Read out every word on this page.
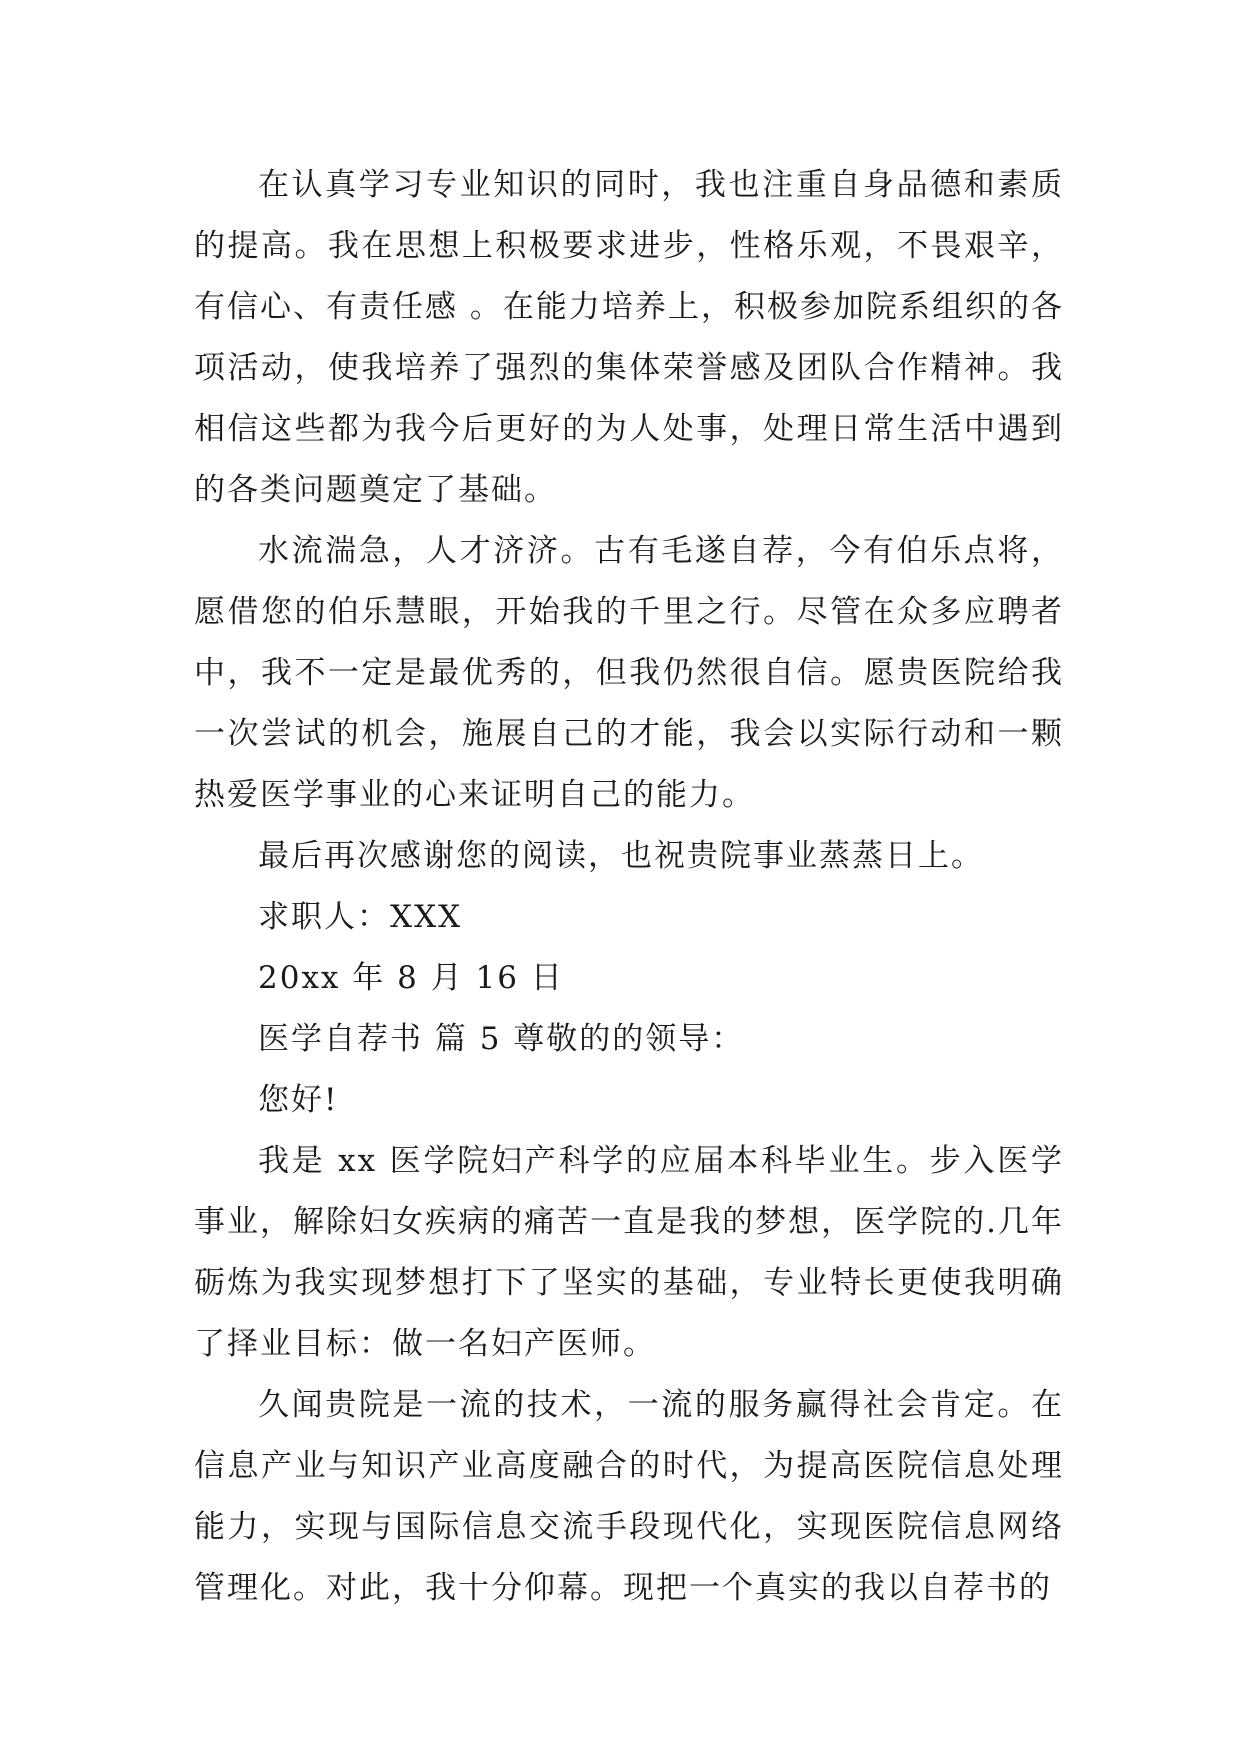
在认真学习专业知识的同时，我也注重自身品德和素质的提高。我在思想上积极要求进步，性格乐观，不畏艰辛，有信心、有责任感 。在能力培养上，积极参加院系组织的各项活动，使我培养了强烈的集体荣誉感及团队合作精神。我相信这些都为我今后更好的为人处事，处理日常生活中遇到的各类问题奠定了基础。

水流湍急，人才济济。古有毛遂自荐，今有伯乐点将，愿借您的伯乐慧眼，开始我的千里之行。尽管在众多应聘者中，我不一定是最优秀的，但我仍然很自信。愿贵医院给我一次尝试的机会，施展自己的才能，我会以实际行动和一颗热爱医学事业的心来证明自己的能力。

最后再次感谢您的阅读，也祝贵院事业蒸蒸日上。

求职人：XXX

20xx 年 8 月 16 日

医学自荐书 篇 5 尊敬的的领导：

您好!

我是 xx 医学院妇产科学的应届本科毕业生。步入医学事业，解除妇女疾病的痛苦一直是我的梦想，医学院的.几年砺炼为我实现梦想打下了坚实的基础，专业特长更使我明确了择业目标：做一名妇产医师。

久闻贵院是一流的技术，一流的服务赢得社会肯定。在信息产业与知识产业高度融合的时代，为提高医院信息处理能力，实现与国际信息交流手段现代化，实现医院信息网络管理化。对此，我十分仰幕。现把一个真实的我以自荐书的
